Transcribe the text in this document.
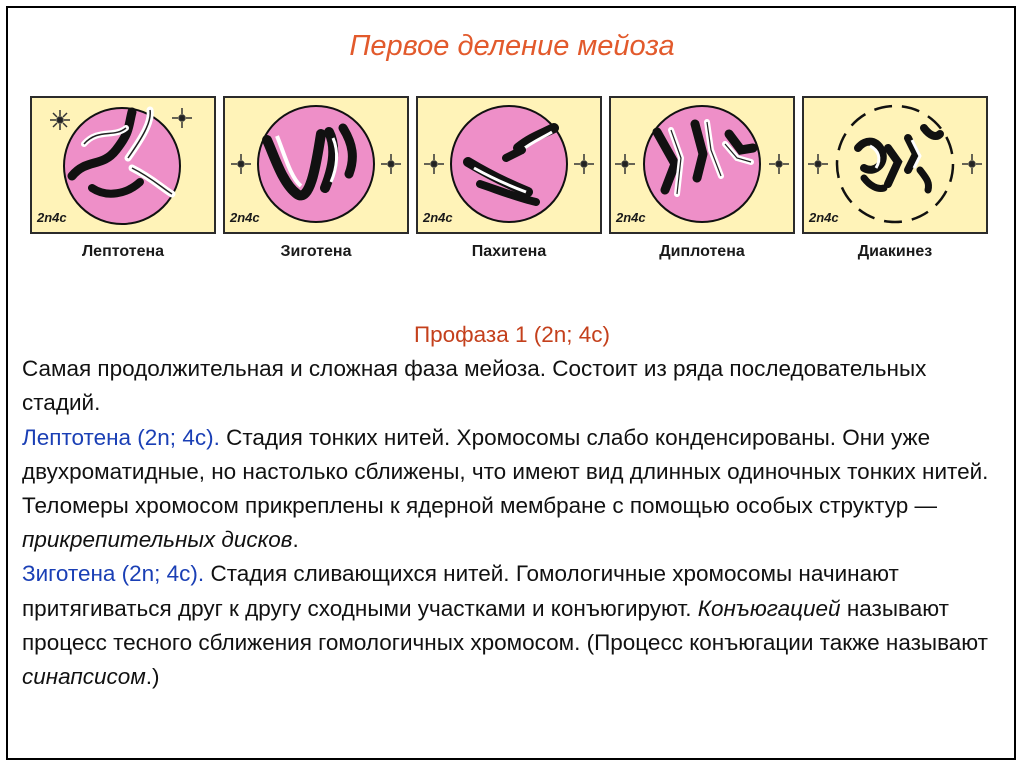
Первое деление мейоза
2n4c
Лептотена
2n4c
Зиготена
2n4c
Пахитена
2n4c
Диплотена
2n4c
Диакинез

Профаза 1 (2n; 4c)

Самая продолжительная и сложная фаза мейоза. Состоит из ряда последовательных стадий.

Лептотена (2n; 4c). Стадия тонких нитей. Хромосомы слабо конденсированы. Они уже двухроматидные, но настолько сближены, что имеют вид длинных одиночных тонких нитей. Теломеры хромосом прикреплены к ядерной мембране с помощью особых структур — прикрепительных дисков.

Зиготена (2n; 4c). Стадия сливающихся нитей. Гомологичные хромосомы начинают притягиваться друг к другу сходными участками и конъюгируют. Конъюгацией называют процесс тесного сближения гомологичных хромосом. (Процесс конъюгации также называют синапсисом.)
